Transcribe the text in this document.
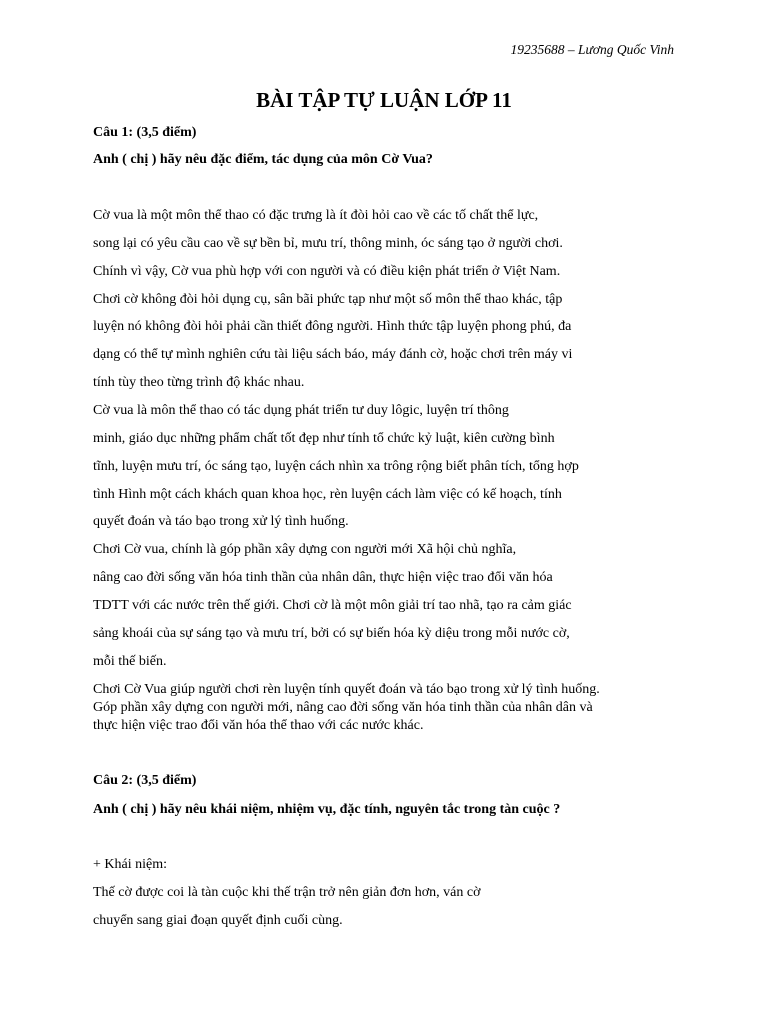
19235688 – Lương Quốc Vinh
BÀI TẬP TỰ LUẬN LỚP 11
Câu 1: (3,5 điểm)
Anh ( chị ) hãy nêu đặc điểm, tác dụng của môn Cờ Vua?
Cờ vua là một môn thể thao có đặc trưng là ít đòi hỏi cao về các tố chất thể lực,
song lại có yêu cầu cao về sự bền bỉ, mưu trí, thông minh, óc sáng tạo ở người chơi.
Chính vì vậy, Cờ vua phù hợp với con người và có điều kiện phát triển ở Việt Nam.
Chơi cờ không đòi hỏi dụng cụ, sân bãi phức tạp như một số môn thể thao khác, tập
luyện nó không đòi hỏi phải cần thiết đông người. Hình thức tập luyện phong phú, đa
dạng có thể tự mình nghiên cứu tài liệu sách báo, máy đánh cờ, hoặc chơi trên máy vi
tính tùy theo từng trình độ khác nhau.
Cờ vua là môn thể thao có tác dụng phát triển tư duy lôgic, luyện trí thông
minh, giáo dục những phẩm chất tốt đẹp như tính tổ chức kỷ luật, kiên cường bình
tĩnh, luyện mưu trí, óc sáng tạo, luyện cách nhìn xa trông rộng biết phân tích, tổng hợp
tình Hình một cách khách quan khoa học, rèn luyện cách làm việc có kế hoạch, tính
quyết đoán và táo bạo trong xử lý tình huống.
Chơi Cờ vua, chính là góp phần xây dựng con người mới Xã hội chủ nghĩa,
nâng cao đời sống văn hóa tinh thần của nhân dân, thực hiện việc trao đổi văn hóa
TDTT với các nước trên thế giới. Chơi cờ là một môn giải trí tao nhã, tạo ra cảm giác
sảng khoái của sự sáng tạo và mưu trí, bởi có sự biến hóa kỳ diệu trong mỗi nước cờ,
mỗi thế biến.
Chơi Cờ Vua giúp người chơi rèn luyện tính quyết đoán và táo bạo trong xử lý tình huống.
Góp phần xây dựng con người mới, nâng cao đời sống văn hóa tinh thần của nhân dân và
thực hiện việc trao đổi văn hóa thể thao với các nước khác.
Câu 2: (3,5 điểm)
Anh ( chị ) hãy nêu khái niệm, nhiệm vụ, đặc tính, nguyên tắc trong tàn cuộc ?
+ Khái niệm:
Thế cờ được coi là tàn cuộc khi thế trận trở nên giản đơn hơn, ván cờ
chuyển sang giai đoạn quyết định cuối cùng.
